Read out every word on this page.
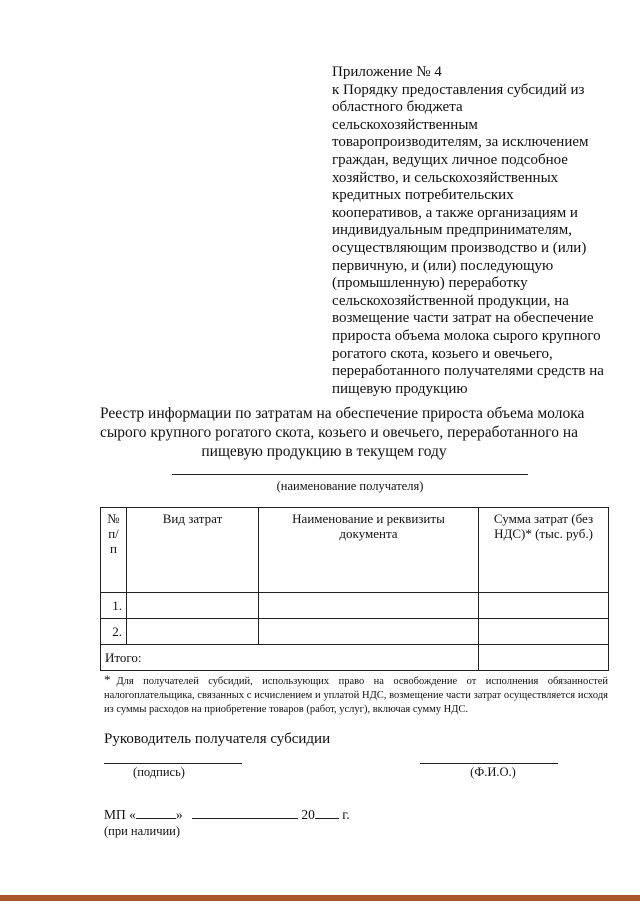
Приложение № 4
к Порядку предоставления субсидий из
областного бюджета
сельскохозяйственным
товаропроизводителям, за исключением
граждан, ведущих личное подсобное
хозяйство, и сельскохозяйственных
кредитных потребительских
кооперативов, а также организациям и
индивидуальным предпринимателям,
осуществляющим производство и (или)
первичную, и (или) последующую
(промышленную) переработку
сельскохозяйственной продукции, на
возмещение части затрат на обеспечение
прироста объема молока сырого крупного
рогатого скота, козьего и овечьего,
переработанного получателями средств на
пищевую продукцию
Реестр информации по затратам на обеспечение прироста объема молока
сырого крупного рогатого скота, козьего и овечьего, переработанного на
пищевую продукцию в текущем году
(наименование получателя)
№ п/п	Вид затрат	Наименование и реквизиты документа	Сумма затрат (без НДС)* (тыс. руб.)
1.			
2.			
Итого:			
* Для получателей субсидий, использующих право на освобождение от исполнения обязанностей налогоплательщика, связанных с исчислением и уплатой НДС, возмещение части затрат осуществляется исходя из суммы расходов на приобретение товаров (работ, услуг), включая сумму НДС.
Руководитель получателя субсидии
(подпись)	(Ф.И.О.)
МП «	»	20 г.
(при наличии)
